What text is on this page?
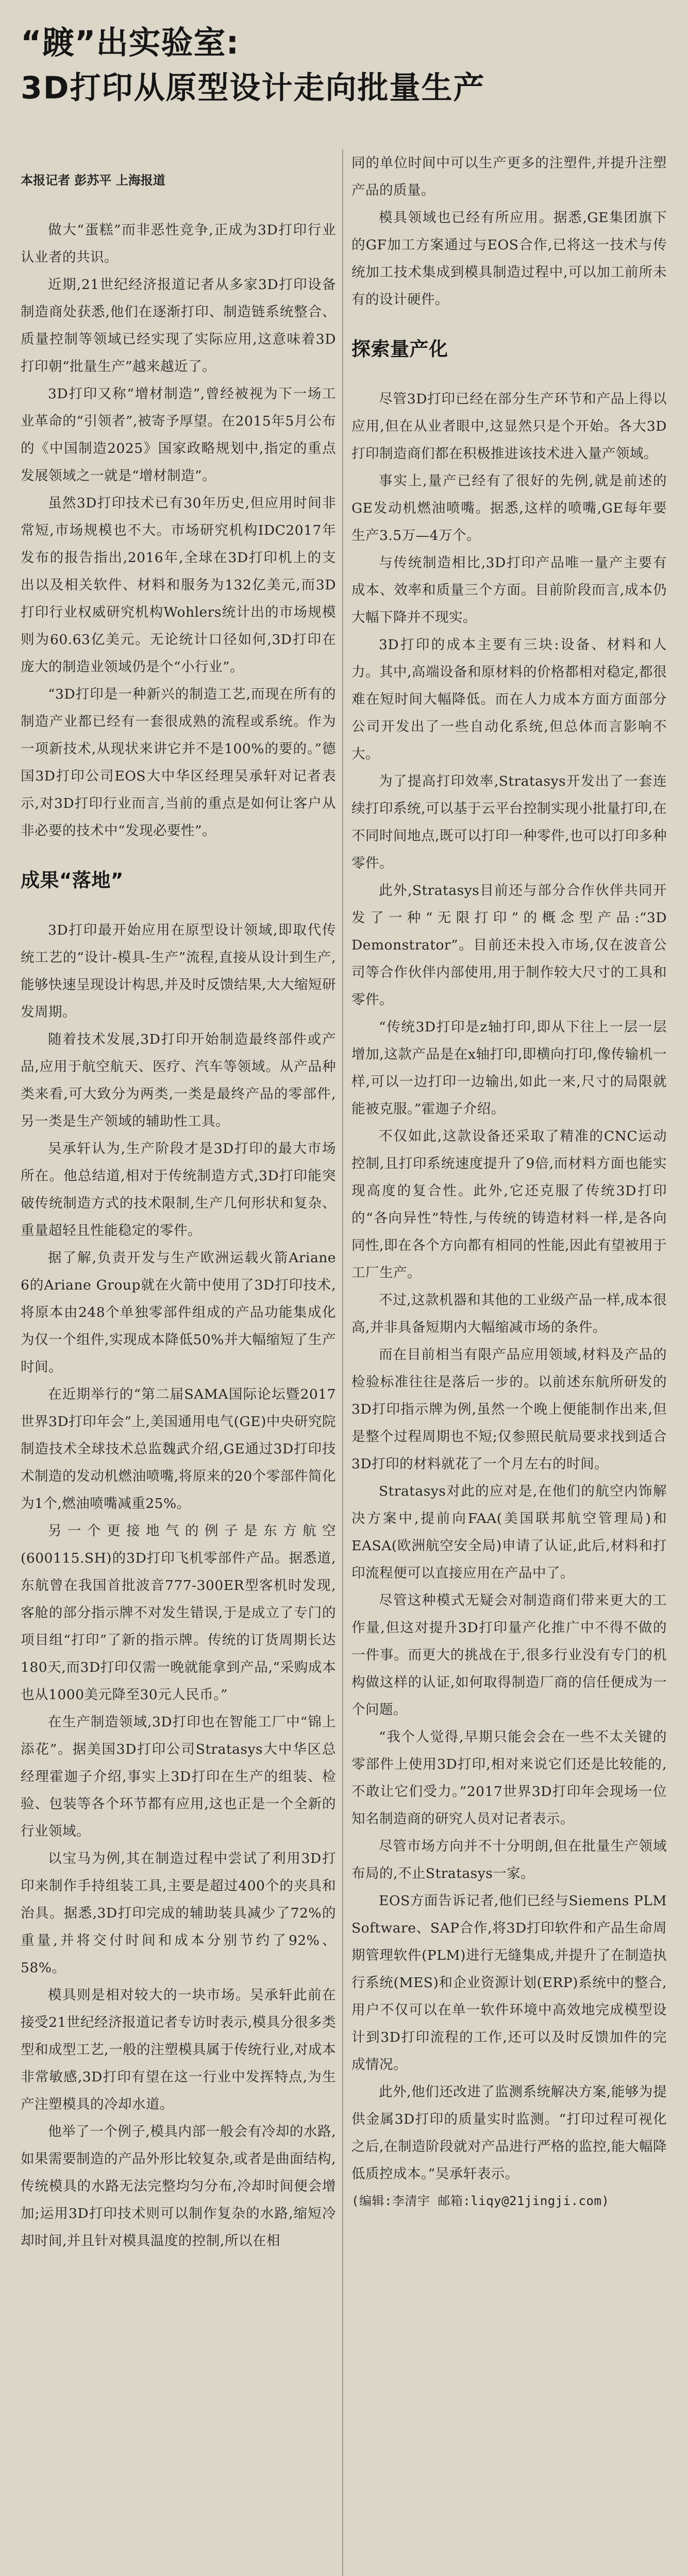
“踱”出实验室:
3D打印从原型设计走向批量生产
本报记者 彭苏平 上海报道

做大“蛋糕”而非恶性竞争,正成为3D打印行业认业者的共识。

近期,21世纪经济报道记者从多家3D打印设备制造商处获悉,他们在逐渐打印、制造链系统整合、质量控制等领域已经实现了实际应用,这意味着3D打印朝“批量生产”越来越近了。

3D打印又称“增材制造”,曾经被视为下一场工业革命的“引领者”,被寄予厚望。在2015年5月公布的《中国制造2025》国家政略规划中,指定的重点发展领域之一就是“增材制造”。

虽然3D打印技术已有30年历史,但应用时间非常短,市场规模也不大。市场研究机构IDC2017年发布的报告指出,2016年,全球在3D打印机上的支出以及相关软件、材料和服务为132亿美元,而3D打印行业权威研究机构Wohlers统计出的市场规模则为60.63亿美元。无论统计口径如何,3D打印在庞大的制造业领域仍是个“小行业”。

“3D打印是一种新兴的制造工艺,而现在所有的制造产业都已经有一套很成熟的流程或系统。作为一项新技术,从现状来讲它并不是100%的要的。”德国3D打印公司EOS大中华区经理吴承轩对记者表示,对3D打印行业而言,当前的重点是如何让客户从非必要的技术中“发现必要性”。

成果“落地”

3D打印最开始应用在原型设计领域,即取代传统工艺的“设计-模具-生产”流程,直接从设计到生产,能够快速呈现设计构思,并及时反馈结果,大大缩短研发周期。

随着技术发展,3D打印开始制造最终部件或产品,应用于航空航天、医疗、汽车等领域。从产品种类来看,可大致分为两类,一类是最终产品的零部件,另一类是生产领域的辅助性工具。

吴承轩认为,生产阶段才是3D打印的最大市场所在。他总结道,相对于传统制造方式,3D打印能突破传统制造方式的技术限制,生产几何形状和复杂、重量超轻且性能稳定的零件。

据了解,负责开发与生产欧洲运载火箭Ariane 6的Ariane Group就在火箭中使用了3D打印技术,将原本由248个单独零部件组成的产品功能集成化为仅一个组件,实现成本降低50%并大幅缩短了生产时间。

在近期举行的“第二届SAMA国际论坛暨2017世界3D打印年会”上,美国通用电气(GE)中央研究院制造技术全球技术总监魏武介绍,GE通过3D打印技术制造的发动机燃油喷嘴,将原来的20个零部件简化为1个,燃油喷嘴减重25%。

另一个更接地气的例子是东方航空(600115.SH)的3D打印飞机零部件产品。据悉道,东航曾在我国首批波音777-300ER型客机时发现,客舱的部分指示牌不对发生错误,于是成立了专门的项目组“打印”了新的指示牌。传统的订货周期长达180天,而3D打印仅需一晚就能拿到产品,“采购成本也从1000美元降至30元人民币。”

在生产制造领域,3D打印也在智能工厂中“锦上添花”。据美国3D打印公司Stratasys大中华区总经理霍迦子介绍,事实上3D打印在生产的组装、检验、包装等各个环节都有应用,这也正是一个全新的行业领域。

以宝马为例,其在制造过程中尝试了利用3D打印来制作手持组装工具,主要是超过400个的夹具和治具。据悉,3D打印完成的辅助装具减少了72%的重量,并将交付时间和成本分别节约了92%、58%。

模具则是相对较大的一块市场。吴承轩此前在接受21世纪经济报道记者专访时表示,模具分很多类型和成型工艺,一般的注塑模具属于传统行业,对成本非常敏感,3D打印有望在这一行业中发挥特点,为生产注塑模具的冷却水道。

他举了一个例子,模具内部一般会有冷却的水路,如果需要制造的产品外形比较复杂,或者是曲面结构,传统模具的水路无法完整均匀分布,冷却时间便会增加;运用3D打印技术则可以制作复杂的水路,缩短冷却时间,并且针对模具温度的控制,所以在相

同的单位时间中可以生产更多的注塑件,并提升注塑产品的质量。

模具领域也已经有所应用。据悉,GE集团旗下的GF加工方案通过与EOS合作,已将这一技术与传统加工技术集成到模具制造过程中,可以加工前所未有的设计硬件。

探索量产化

尽管3D打印已经在部分生产环节和产品上得以应用,但在从业者眼中,这显然只是个开始。各大3D打印制造商们都在积极推进该技术进入量产领域。

事实上,量产已经有了很好的先例,就是前述的GE发动机燃油喷嘴。据悉,这样的喷嘴,GE每年要生产3.5万—4万个。

与传统制造相比,3D打印产品唯一量产主要有成本、效率和质量三个方面。目前阶段而言,成本仍大幅下降并不现实。

3D打印的成本主要有三块:设备、材料和人力。其中,高端设备和原材料的价格都相对稳定,都很难在短时间大幅降低。而在人力成本方面方面部分公司开发出了一些自动化系统,但总体而言影响不大。

为了提高打印效率,Stratasys开发出了一套连续打印系统,可以基于云平台控制实现小批量打印,在不同时间地点,既可以打印一种零件,也可以打印多种零件。

此外,Stratasys目前还与部分合作伙伴共同开发了一种“无限打印”的概念型产品:“3D Demonstrator”。目前还未投入市场,仅在波音公司等合作伙伴内部使用,用于制作较大尺寸的工具和零件。

“传统3D打印是z轴打印,即从下往上一层一层增加,这款产品是在x轴打印,即横向打印,像传输机一样,可以一边打印一边输出,如此一来,尺寸的局限就能被克服。”霍迦子介绍。

不仅如此,这款设备还采取了精准的CNC运动控制,且打印系统速度提升了9倍,而材料方面也能实现高度的复合性。此外,它还克服了传统3D打印的“各向异性”特性,与传统的铸造材料一样,是各向同性,即在各个方向都有相同的性能,因此有望被用于工厂生产。

不过,这款机器和其他的工业级产品一样,成本很高,并非具备短期内大幅缩减市场的条件。

而在目前相当有限产品应用领域,材料及产品的检验标准往往是落后一步的。以前述东航所研发的3D打印指示牌为例,虽然一个晚上便能制作出来,但是整个过程周期也不短;仅参照民航局要求找到适合3D打印的材料就花了一个月左右的时间。

Stratasys对此的应对是,在他们的航空内饰解决方案中,提前向FAA(美国联邦航空管理局)和EASA(欧洲航空安全局)申请了认证,此后,材料和打印流程便可以直接应用在产品中了。

尽管这种模式无疑会对制造商们带来更大的工作量,但这对提升3D打印量产化推广中不得不做的一件事。而更大的挑战在于,很多行业没有专门的机构做这样的认证,如何取得制造厂商的信任便成为一个问题。

“我个人觉得,早期只能会会在一些不太关键的零部件上使用3D打印,相对来说它们还是比较能的,不敢让它们受力。”2017世界3D打印年会现场一位知名制造商的研究人员对记者表示。

尽管市场方向并不十分明朗,但在批量生产领域布局的,不止Stratasys一家。

EOS方面告诉记者,他们已经与Siemens PLM Software、SAP合作,将3D打印软件和产品生命周期管理软件(PLM)进行无缝集成,并提升了在制造执行系统(MES)和企业资源计划(ERP)系统中的整合,用户不仅可以在单一软件环境中高效地完成模型设计到3D打印流程的工作,还可以及时反馈加件的完成情况。

此外,他们还改进了监测系统解决方案,能够为提供金属3D打印的质量实时监测。“打印过程可视化之后,在制造阶段就对产品进行严格的监控,能大幅降低质控成本。”吴承轩表示。

(编辑:李清宇 邮箱:liqy@21jingji.com)
